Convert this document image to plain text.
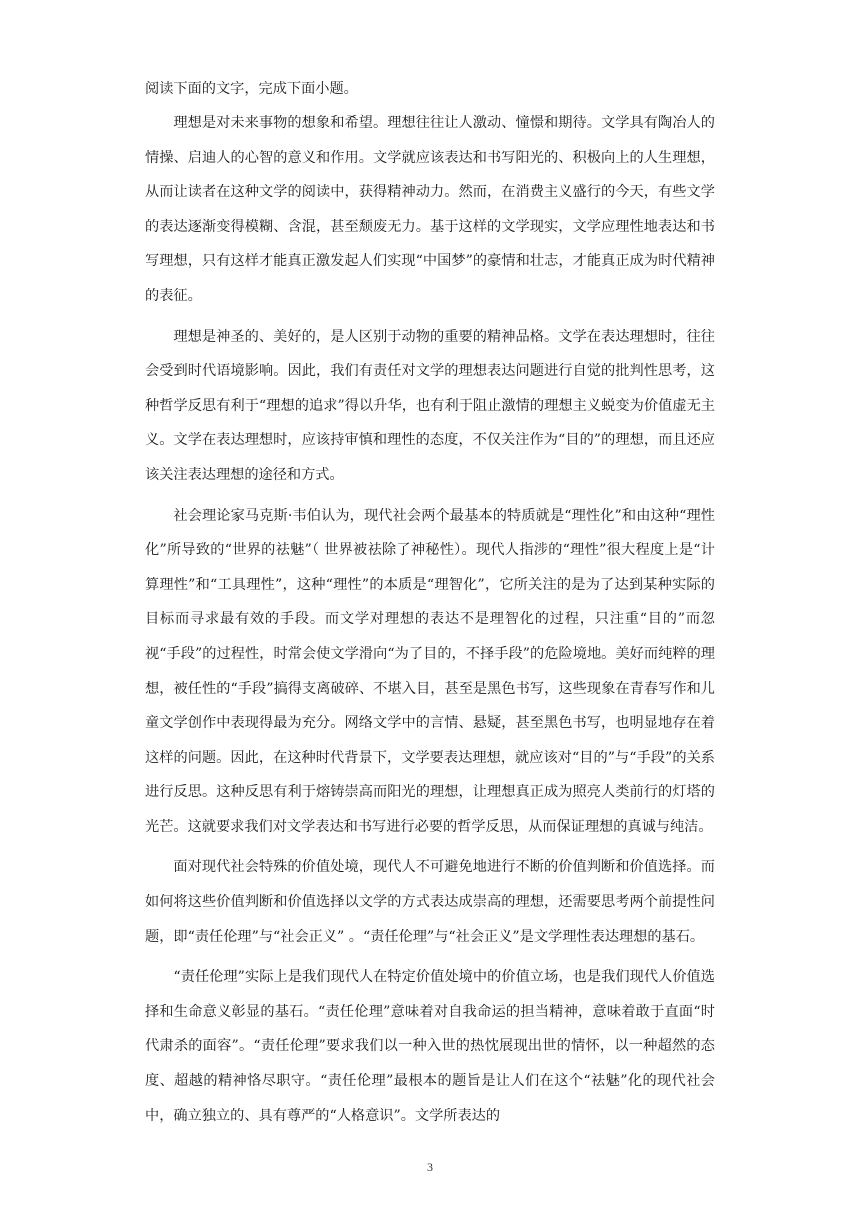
阅读下面的文字，完成下面小题。

理想是对未来事物的想象和希望。理想往往让人激动、憧憬和期待。文学具有陶冶人的情操、启迪人的心智的意义和作用。文学就应该表达和书写阳光的、积极向上的人生理想，从而让读者在这种文学的阅读中，获得精神动力。然而，在消费主义盛行的今天，有些文学的表达逐渐变得模糊、含混，甚至颓废无力。基于这样的文学现实，文学应理性地表达和书写理想，只有这样才能真正激发起人们实现“中国梦”的豪情和壮志，才能真正成为时代精神的表征。

理想是神圣的、美好的，是人区别于动物的重要的精神品格。文学在表达理想时，往往会受到时代语境影响。因此，我们有责任对文学的理想表达问题进行自觉的批判性思考，这种哲学反思有利于“理想的追求”得以升华，也有利于阻止激情的理想主义蜕变为价值虚无主义。文学在表达理想时，应该持审慎和理性的态度，不仅关注作为“目的”的理想，而且还应该关注表达理想的途径和方式。

社会理论家马克斯·韦伯认为，现代社会两个最基本的特质就是“理性化”和由这种“理性化”所导致的“世界的祛魅”（ 世界被祛除了神秘性）。现代人指涉的“理性”很大程度上是“计算理性”和“工具理性”，这种“理性”的本质是“理智化”，它所关注的是为了达到某种实际的目标而寻求最有效的手段。而文学对理想的表达不是理智化的过程，只注重“目的”而忽视“手段”的过程性，时常会使文学滑向“为了目的，不择手段”的危险境地。美好而纯粹的理想，被任性的“手段”搞得支离破碎、不堪入目，甚至是黑色书写，这些现象在青春写作和儿童文学创作中表现得最为充分。网络文学中的言情、悬疑，甚至黑色书写，也明显地存在着这样的问题。因此，在这种时代背景下，文学要表达理想，就应该对“目的”与“手段”的关系进行反思。这种反思有利于熔铸崇高而阳光的理想，让理想真正成为照亮人类前行的灯塔的光芒。这就要求我们对文学表达和书写进行必要的哲学反思，从而保证理想的真诚与纯洁。

面对现代社会特殊的价值处境，现代人不可避免地进行不断的价值判断和价值选择。而如何将这些价值判断和价值选择以文学的方式表达成崇高的理想，还需要思考两个前提性问题，即“责任伦理”与“社会正义” 。“责任伦理”与“社会正义”是文学理性表达理想的基石。

“责任伦理”实际上是我们现代人在特定价值处境中的价值立场，也是我们现代人价值选择和生命意义彰显的基石。“责任伦理”意味着对自我命运的担当精神，意味着敢于直面“时代肃杀的面容”。“责任伦理”要求我们以一种入世的热忱展现出世的情怀，以一种超然的态度、超越的精神恪尽职守。“责任伦理”最根本的题旨是让人们在这个“祛魅”化的现代社会中，确立独立的、具有尊严的“人格意识”。文学所表达的

3
